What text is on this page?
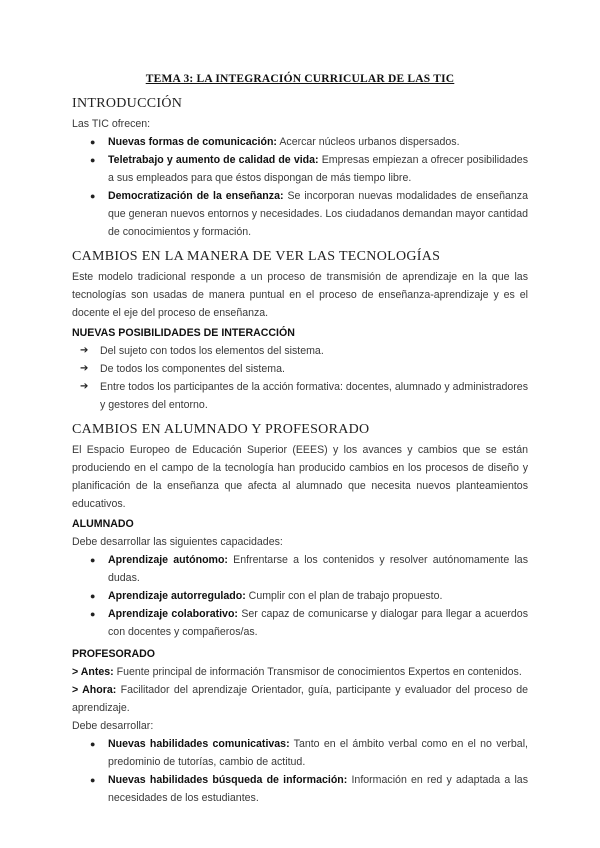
TEMA 3: LA INTEGRACIÓN CURRICULAR DE LAS TIC
INTRODUCCIÓN

Las TIC ofrecen:

● Nuevas formas de comunicación: Acercar núcleos urbanos dispersados.
● Teletrabajo y aumento de calidad de vida: Empresas empiezan a ofrecer posibilidades a sus empleados para que éstos dispongan de más tiempo libre.
● Democratización de la enseñanza: Se incorporan nuevas modalidades de enseñanza que generan nuevos entornos y necesidades. Los ciudadanos demandan mayor cantidad de conocimientos y formación.
CAMBIOS EN LA MANERA DE VER LAS TECNOLOGÍAS

Este modelo tradicional responde a un proceso de transmisión de aprendizaje en la que las tecnologías son usadas de manera puntual en el proceso de enseñanza-aprendizaje y es el docente el eje del proceso de enseñanza.

NUEVAS POSIBILIDADES DE INTERACCIÓN
➔ Del sujeto con todos los elementos del sistema.
➔ De todos los componentes del sistema.
➔ Entre todos los participantes de la acción formativa: docentes, alumnado y administradores y gestores del entorno.
CAMBIOS EN ALUMNADO Y PROFESORADO

El Espacio Europeo de Educación Superior (EEES) y los avances y cambios que se están produciendo en el campo de la tecnología han producido cambios en los procesos de diseño y planificación de la enseñanza que afecta al alumnado que necesita nuevos planteamientos educativos.

ALUMNADO

Debe desarrollar las siguientes capacidades:

● Aprendizaje autónomo: Enfrentarse a los contenidos y resolver autónomamente las dudas.
● Aprendizaje autorregulado: Cumplir con el plan de trabajo propuesto.
● Aprendizaje colaborativo: Ser capaz de comunicarse y dialogar para llegar a acuerdos con docentes y compañeros/as.
PROFESORADO

> Antes: Fuente principal de información Transmisor de conocimientos Expertos en contenidos.

> Ahora: Facilitador del aprendizaje Orientador, guía, participante y evaluador del proceso de aprendizaje.

Debe desarrollar:

● Nuevas habilidades comunicativas: Tanto en el ámbito verbal como en el no verbal, predominio de tutorías, cambio de actitud.
● Nuevas habilidades búsqueda de información: Información en red y adaptada a las necesidades de los estudiantes.
